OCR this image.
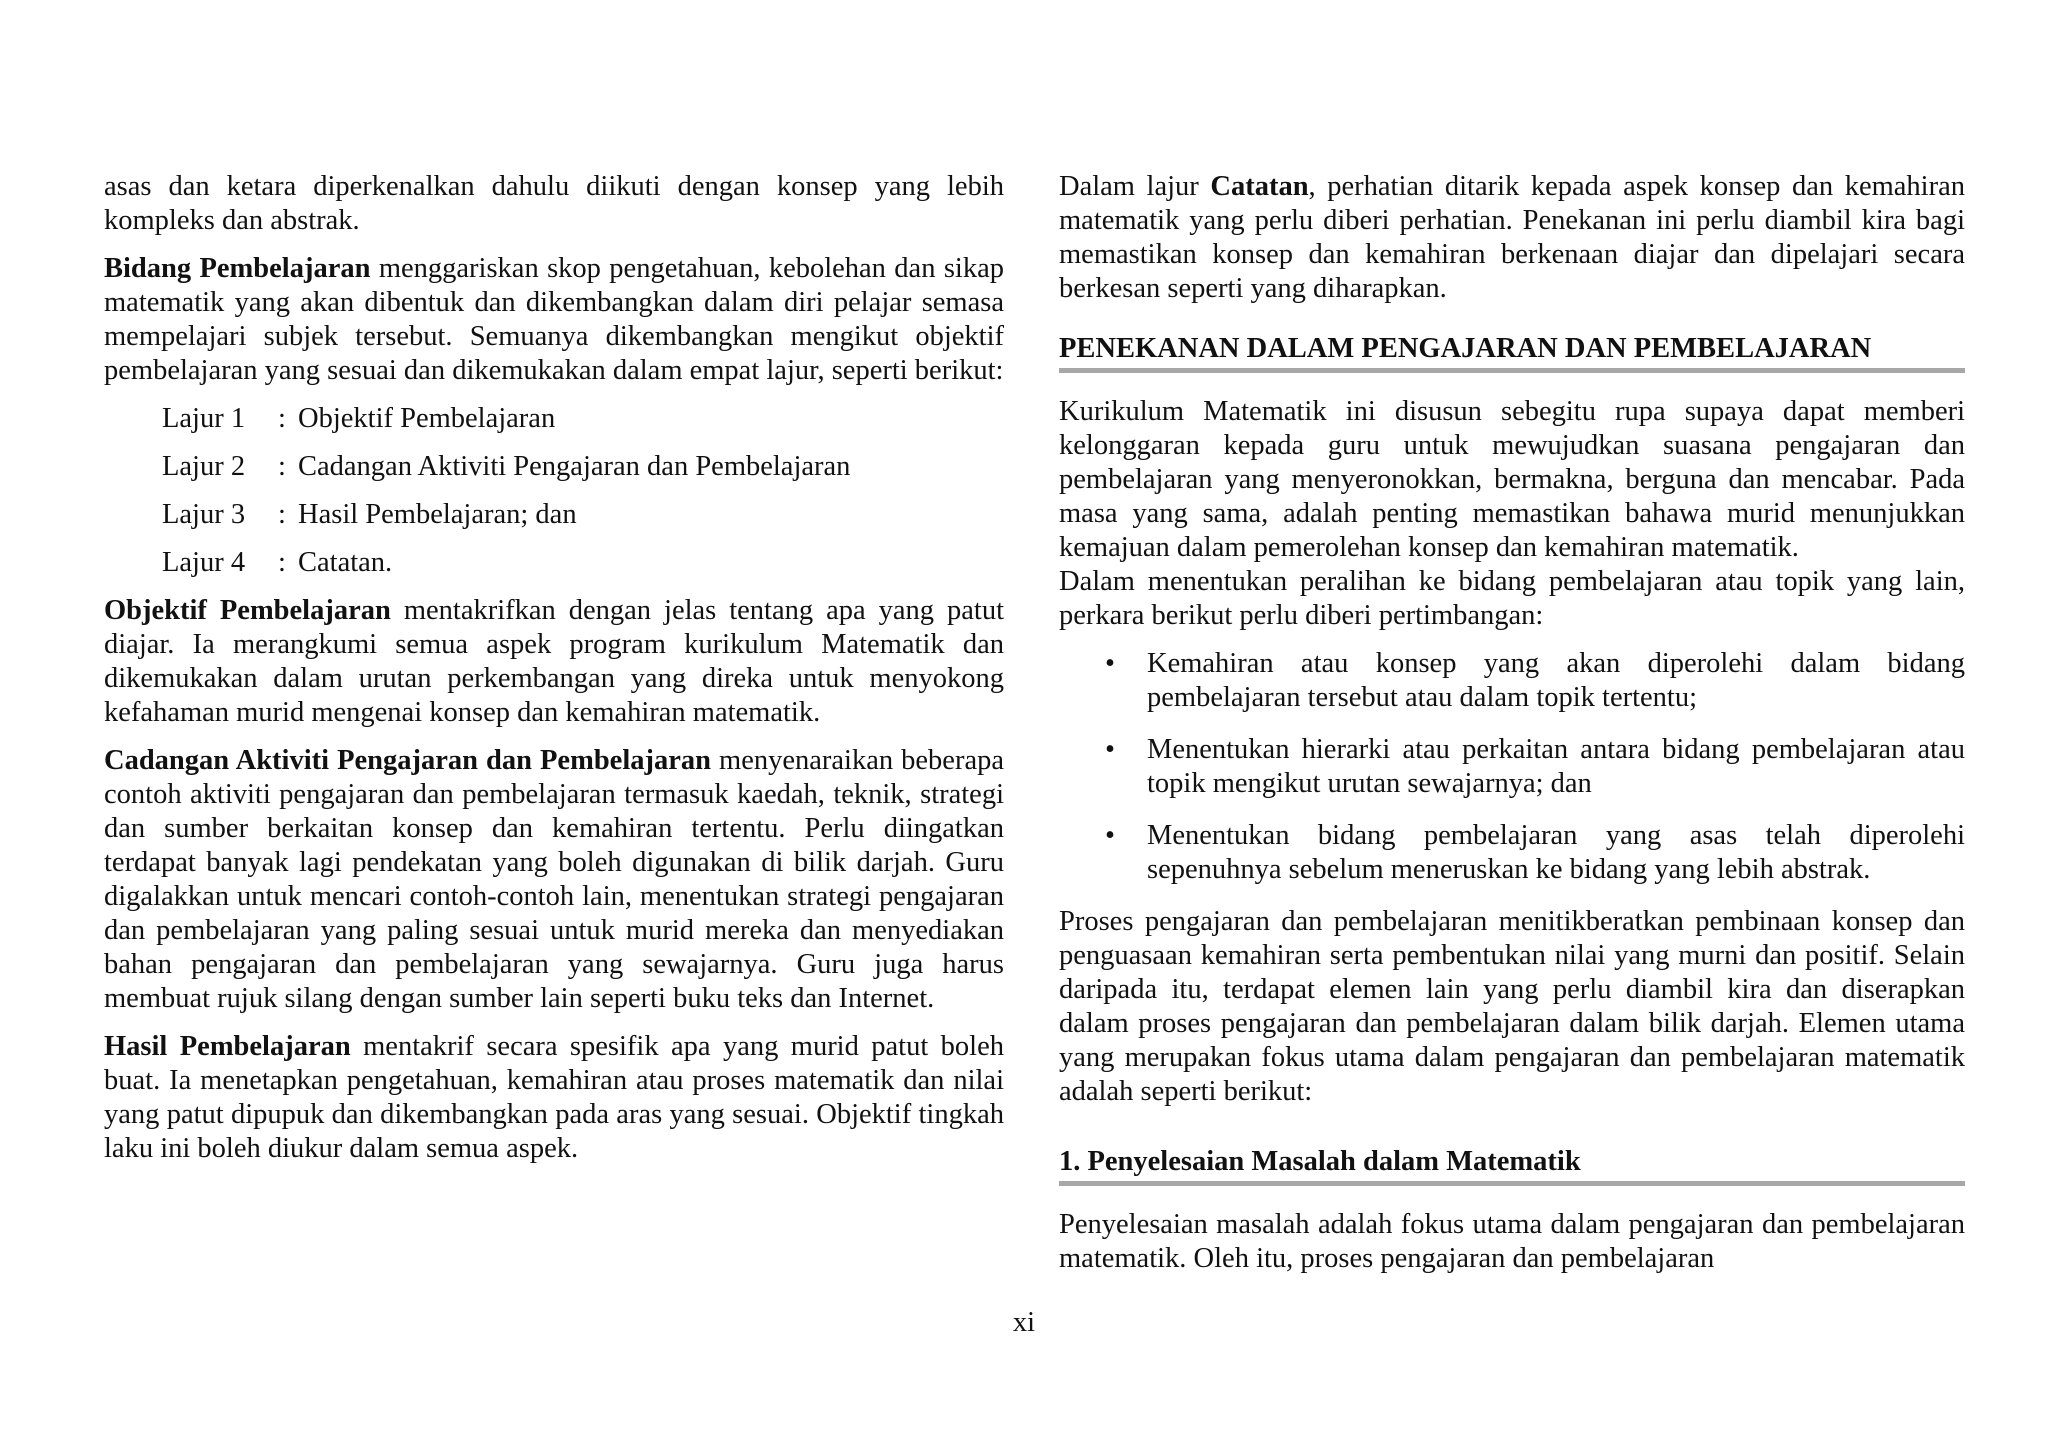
asas dan ketara diperkenalkan dahulu diikuti dengan konsep yang lebih kompleks dan abstrak.

Bidang Pembelajaran menggariskan skop pengetahuan, kebolehan dan sikap matematik yang akan dibentuk dan dikembangkan dalam diri pelajar semasa mempelajari subjek tersebut. Semuanya dikembangkan mengikut objektif pembelajaran yang sesuai dan dikemukakan dalam empat lajur, seperti berikut:

Lajur 1	: Objektif Pembelajaran
Lajur 2	: Cadangan Aktiviti Pengajaran dan Pembelajaran
Lajur 3	: Hasil Pembelajaran; dan
Lajur 4	: Catatan.

Objektif Pembelajaran mentakrifkan dengan jelas tentang apa yang patut diajar. Ia merangkumi semua aspek program kurikulum Matematik dan dikemukakan dalam urutan perkembangan yang direka untuk menyokong kefahaman murid mengenai konsep dan kemahiran matematik.

Cadangan Aktiviti Pengajaran dan Pembelajaran menyenaraikan beberapa contoh aktiviti pengajaran dan pembelajaran termasuk kaedah, teknik, strategi dan sumber berkaitan konsep dan kemahiran tertentu. Perlu diingatkan terdapat banyak lagi pendekatan yang boleh digunakan di bilik darjah. Guru digalakkan untuk mencari contoh-contoh lain, menentukan strategi pengajaran dan pembelajaran yang paling sesuai untuk murid mereka dan menyediakan bahan pengajaran dan pembelajaran yang sewajarnya. Guru juga harus membuat rujuk silang dengan sumber lain seperti buku teks dan Internet.

Hasil Pembelajaran mentakrif secara spesifik apa yang murid patut boleh buat. Ia menetapkan pengetahuan, kemahiran atau proses matematik dan nilai yang patut dipupuk dan dikembangkan pada aras yang sesuai. Objektif tingkah laku ini boleh diukur dalam semua aspek.

Dalam lajur Catatan, perhatian ditarik kepada aspek konsep dan kemahiran matematik yang perlu diberi perhatian. Penekanan ini perlu diambil kira bagi memastikan konsep dan kemahiran berkenaan diajar dan dipelajari secara berkesan seperti yang diharapkan.

PENEKANAN DALAM PENGAJARAN DAN PEMBELAJARAN

Kurikulum Matematik ini disusun sebegitu rupa supaya dapat memberi kelonggaran kepada guru untuk mewujudkan suasana pengajaran dan pembelajaran yang menyeronokkan, bermakna, berguna dan mencabar. Pada masa yang sama, adalah penting memastikan bahawa murid menunjukkan kemajuan dalam pemerolehan konsep dan kemahiran matematik.

Dalam menentukan peralihan ke bidang pembelajaran atau topik yang lain, perkara berikut perlu diberi pertimbangan:

•	Kemahiran atau konsep yang akan diperolehi dalam bidang pembelajaran tersebut atau dalam topik tertentu;
•	Menentukan hierarki atau perkaitan antara bidang pembelajaran atau topik mengikut urutan sewajarnya; dan
•	Menentukan bidang pembelajaran yang asas telah diperolehi sepenuhnya sebelum meneruskan ke bidang yang lebih abstrak.

Proses pengajaran dan pembelajaran menitikberatkan pembinaan konsep dan penguasaan kemahiran serta pembentukan nilai yang murni dan positif. Selain daripada itu, terdapat elemen lain yang perlu diambil kira dan diserapkan dalam proses pengajaran dan pembelajaran dalam bilik darjah. Elemen utama yang merupakan fokus utama dalam pengajaran dan pembelajaran matematik adalah seperti berikut:

1. Penyelesaian Masalah dalam Matematik

Penyelesaian masalah adalah fokus utama dalam pengajaran dan pembelajaran matematik. Oleh itu, proses pengajaran dan pembelajaran

xi
